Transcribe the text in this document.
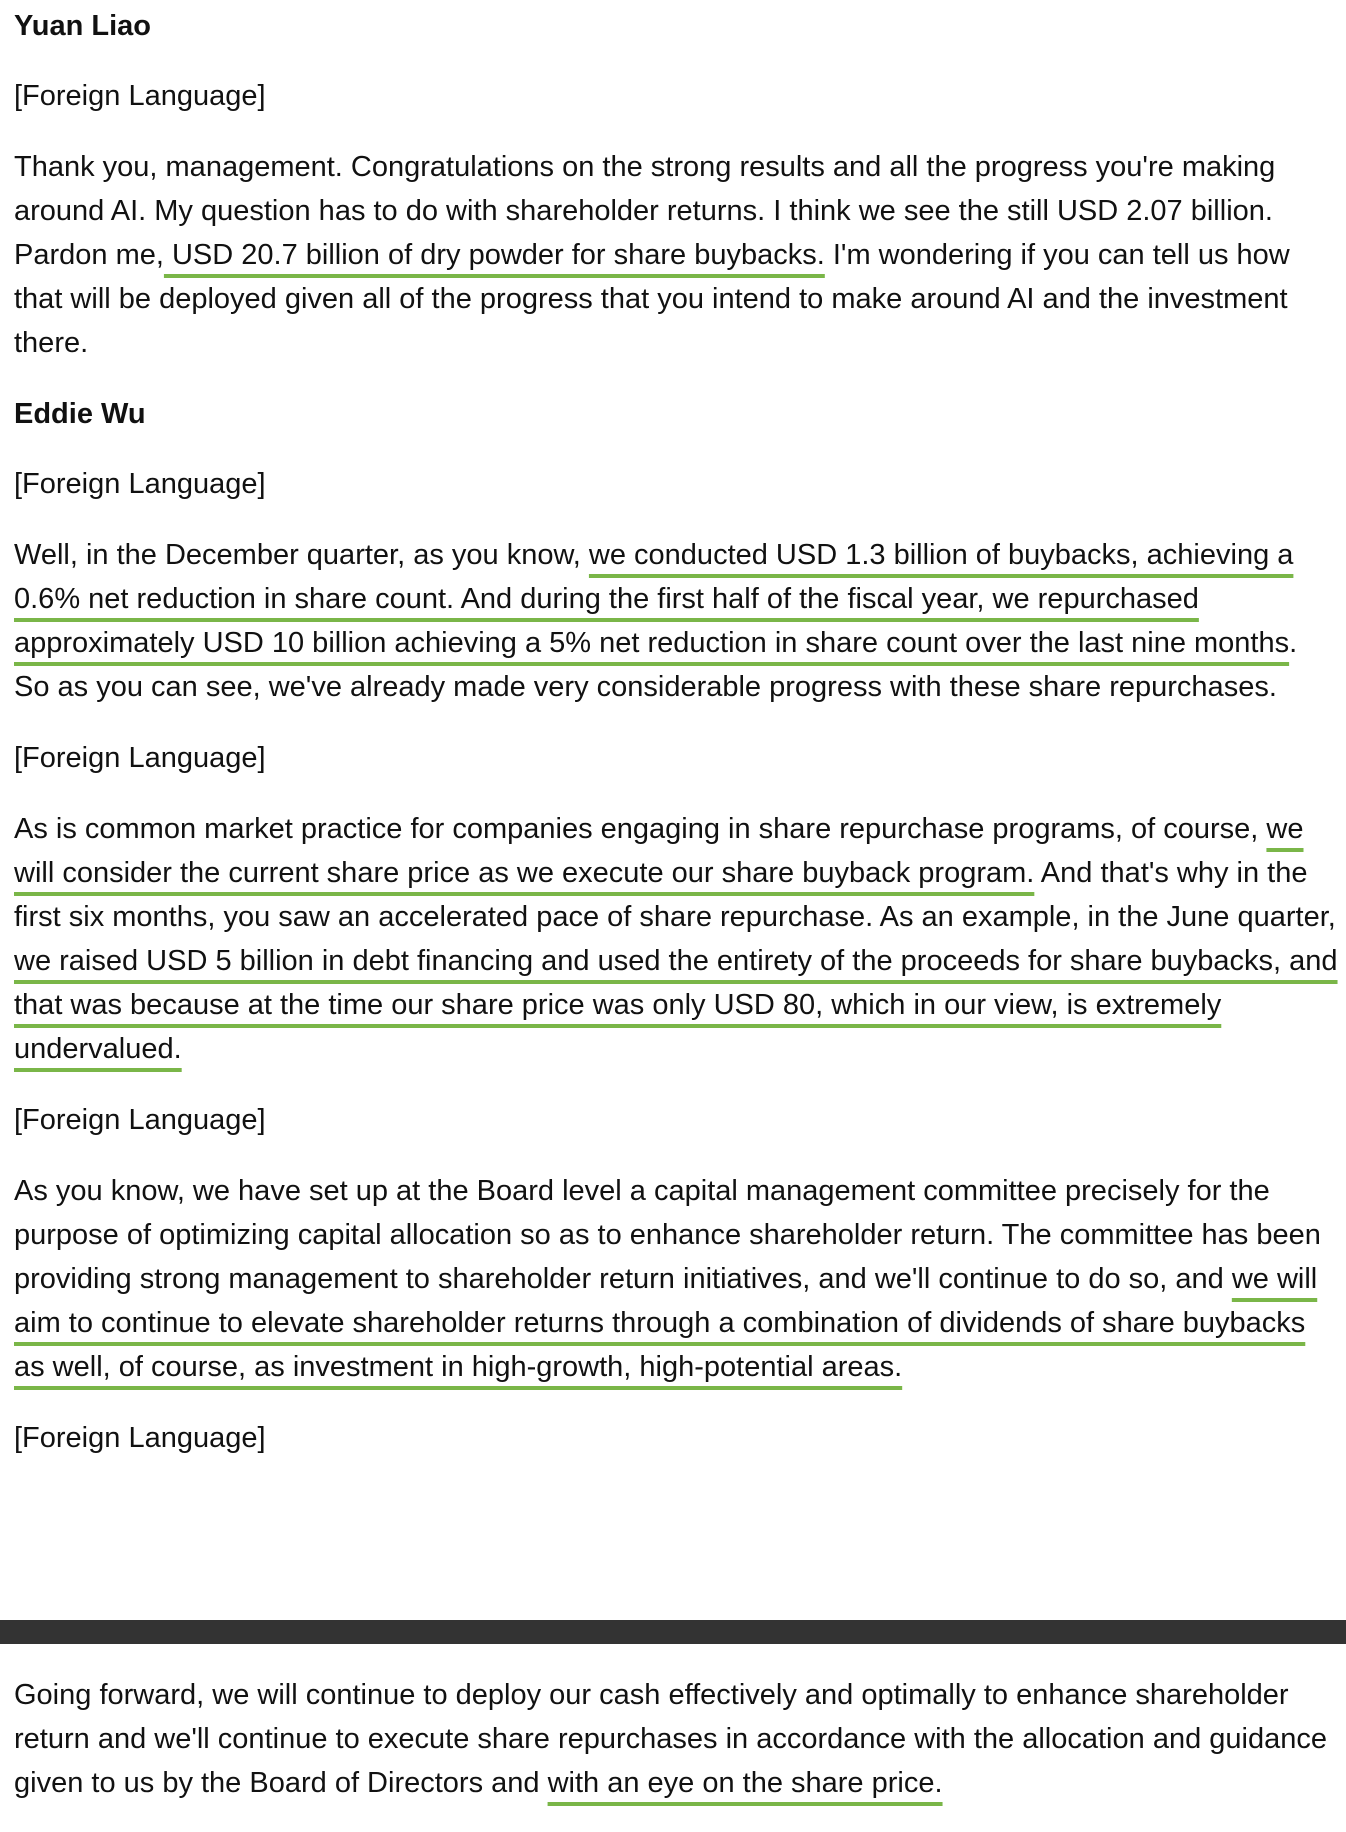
Yuan Liao

[Foreign Language]

Thank you, management. Congratulations on the strong results and all the progress you're making around AI. My question has to do with shareholder returns. I think we see the still USD 2.07 billion. Pardon me, USD 20.7 billion of dry powder for share buybacks. I'm wondering if you can tell us how that will be deployed given all of the progress that you intend to make around AI and the investment there.

Eddie Wu

[Foreign Language]

Well, in the December quarter, as you know, we conducted USD 1.3 billion of buybacks, achieving a 0.6% net reduction in share count. And during the first half of the fiscal year, we repurchased approximately USD 10 billion achieving a 5% net reduction in share count over the last nine months. So as you can see, we've already made very considerable progress with these share repurchases.

[Foreign Language]

As is common market practice for companies engaging in share repurchase programs, of course, we will consider the current share price as we execute our share buyback program. And that's why in the first six months, you saw an accelerated pace of share repurchase. As an example, in the June quarter, we raised USD 5 billion in debt financing and used the entirety of the proceeds for share buybacks, and that was because at the time our share price was only USD 80, which in our view, is extremely undervalued.

[Foreign Language]

As you know, we have set up at the Board level a capital management committee precisely for the purpose of optimizing capital allocation so as to enhance shareholder return. The committee has been providing strong management to shareholder return initiatives, and we'll continue to do so, and we will aim to continue to elevate shareholder returns through a combination of dividends of share buybacks as well, of course, as investment in high-growth, high-potential areas.

[Foreign Language]

Going forward, we will continue to deploy our cash effectively and optimally to enhance shareholder return and we'll continue to execute share repurchases in accordance with the allocation and guidance given to us by the Board of Directors and with an eye on the share price.
